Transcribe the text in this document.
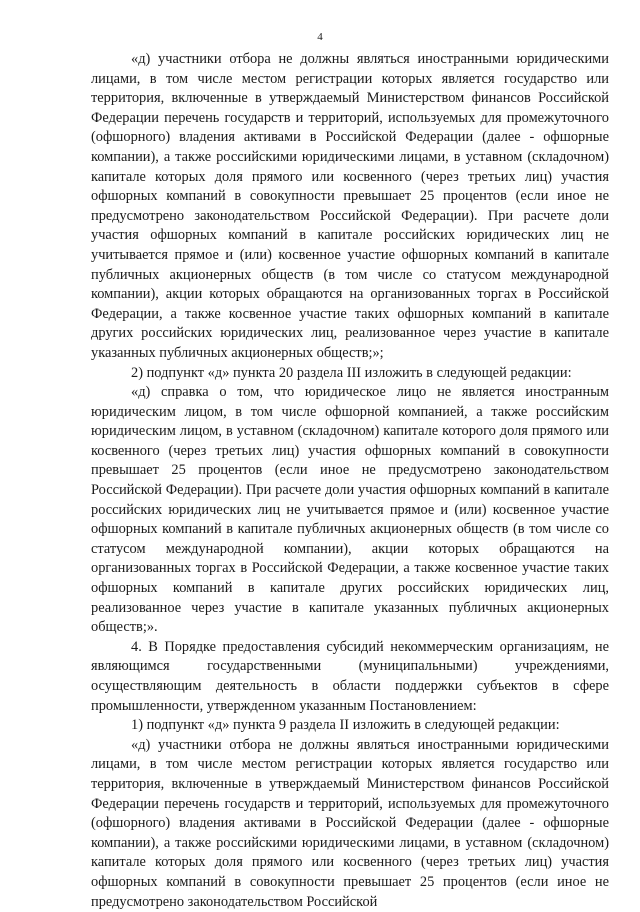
4

«д) участники отбора не должны являться иностранными юридическими лицами, в том числе местом регистрации которых является государство или территория, включенные в утверждаемый Министерством финансов Российской Федерации перечень государств и территорий, используемых для промежуточного (офшорного) владения активами в Российской Федерации (далее - офшорные компании), а также российскими юридическими лицами, в уставном (складочном) капитале которых доля прямого или косвенного (через третьих лиц) участия офшорных компаний в совокупности превышает 25 процентов (если иное не предусмотрено законодательством Российской Федерации). При расчете доли участия офшорных компаний в капитале российских юридических лиц не учитывается прямое и (или) косвенное участие офшорных компаний в капитале публичных акционерных обществ (в том числе со статусом международной компании), акции которых обращаются на организованных торгах в Российской Федерации, а также косвенное участие таких офшорных компаний в капитале других российских юридических лиц, реализованное через участие в капитале указанных публичных акционерных обществ;»;

2) подпункт «д» пункта 20 раздела III изложить в следующей редакции:

«д) справка о том, что юридическое лицо не является иностранным юридическим лицом, в том числе офшорной компанией, а также российским юридическим лицом, в уставном (складочном) капитале которого доля прямого или косвенного (через третьих лиц) участия офшорных компаний в совокупности превышает 25 процентов (если иное не предусмотрено законодательством Российской Федерации). При расчете доли участия офшорных компаний в капитале российских юридических лиц не учитывается прямое и (или) косвенное участие офшорных компаний в капитале публичных акционерных обществ (в том числе со статусом международной компании), акции которых обращаются на организованных торгах в Российской Федерации, а также косвенное участие таких офшорных компаний в капитале других российских юридических лиц, реализованное через участие в капитале указанных публичных акционерных обществ;».

4. В Порядке предоставления субсидий некоммерческим организациям, не являющимся государственными (муниципальными) учреждениями, осуществляющим деятельность в области поддержки субъектов в сфере промышленности, утвержденном указанным Постановлением:

1) подпункт «д» пункта 9 раздела II изложить в следующей редакции:

«д) участники отбора не должны являться иностранными юридическими лицами, в том числе местом регистрации которых является государство или территория, включенные в утверждаемый Министерством финансов Российской Федерации перечень государств и территорий, используемых для промежуточного (офшорного) владения активами в Российской Федерации (далее - офшорные компании), а также российскими юридическими лицами, в уставном (складочном) капитале которых доля прямого или косвенного (через третьих лиц) участия офшорных компаний в совокупности превышает 25 процентов (если иное не предусмотрено законодательством Российской
